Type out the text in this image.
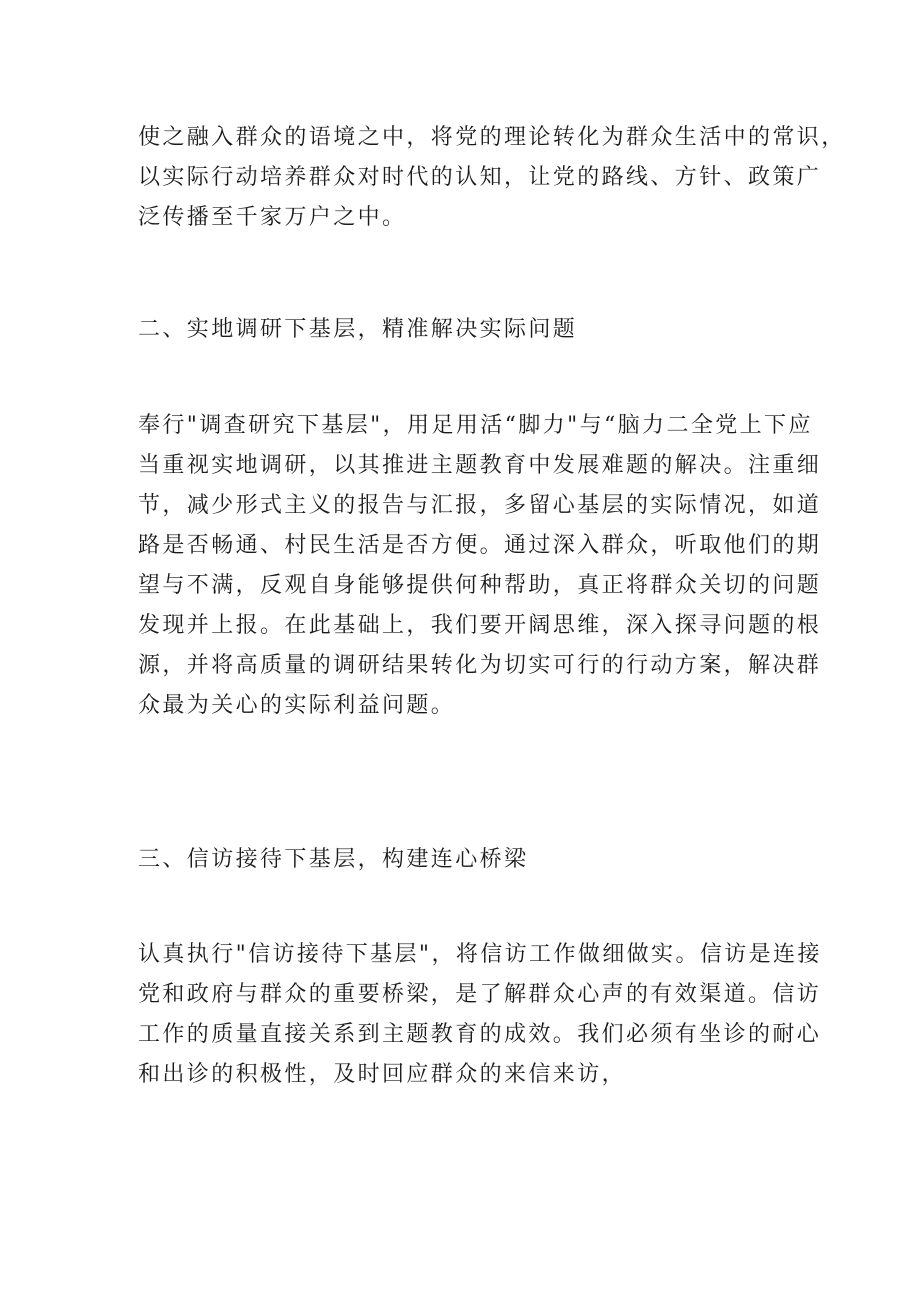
使之融入群众的语境之中，将党的理论转化为群众生活中的常识，
以实际行动培养群众对时代的认知，让党的路线、方针、政策广
泛传播至千家万户之中。
二、实地调研下基层，精准解决实际问题
奉行"调查研究下基层"，用足用活“脚力"与“脑力二全党上下应
当重视实地调研，以其推进主题教育中发展难题的解决。注重细
节，减少形式主义的报告与汇报，多留心基层的实际情况，如道
路是否畅通、村民生活是否方便。通过深入群众，听取他们的期
望与不满，反观自身能够提供何种帮助，真正将群众关切的问题
发现并上报。在此基础上，我们要开阔思维，深入探寻问题的根
源，并将高质量的调研结果转化为切实可行的行动方案，解决群
众最为关心的实际利益问题。
三、信访接待下基层，构建连心桥梁
认真执行"信访接待下基层"，将信访工作做细做实。信访是连接
党和政府与群众的重要桥梁，是了解群众心声的有效渠道。信访
工作的质量直接关系到主题教育的成效。我们必须有坐诊的耐心
和出诊的积极性，及时回应群众的来信来访，
